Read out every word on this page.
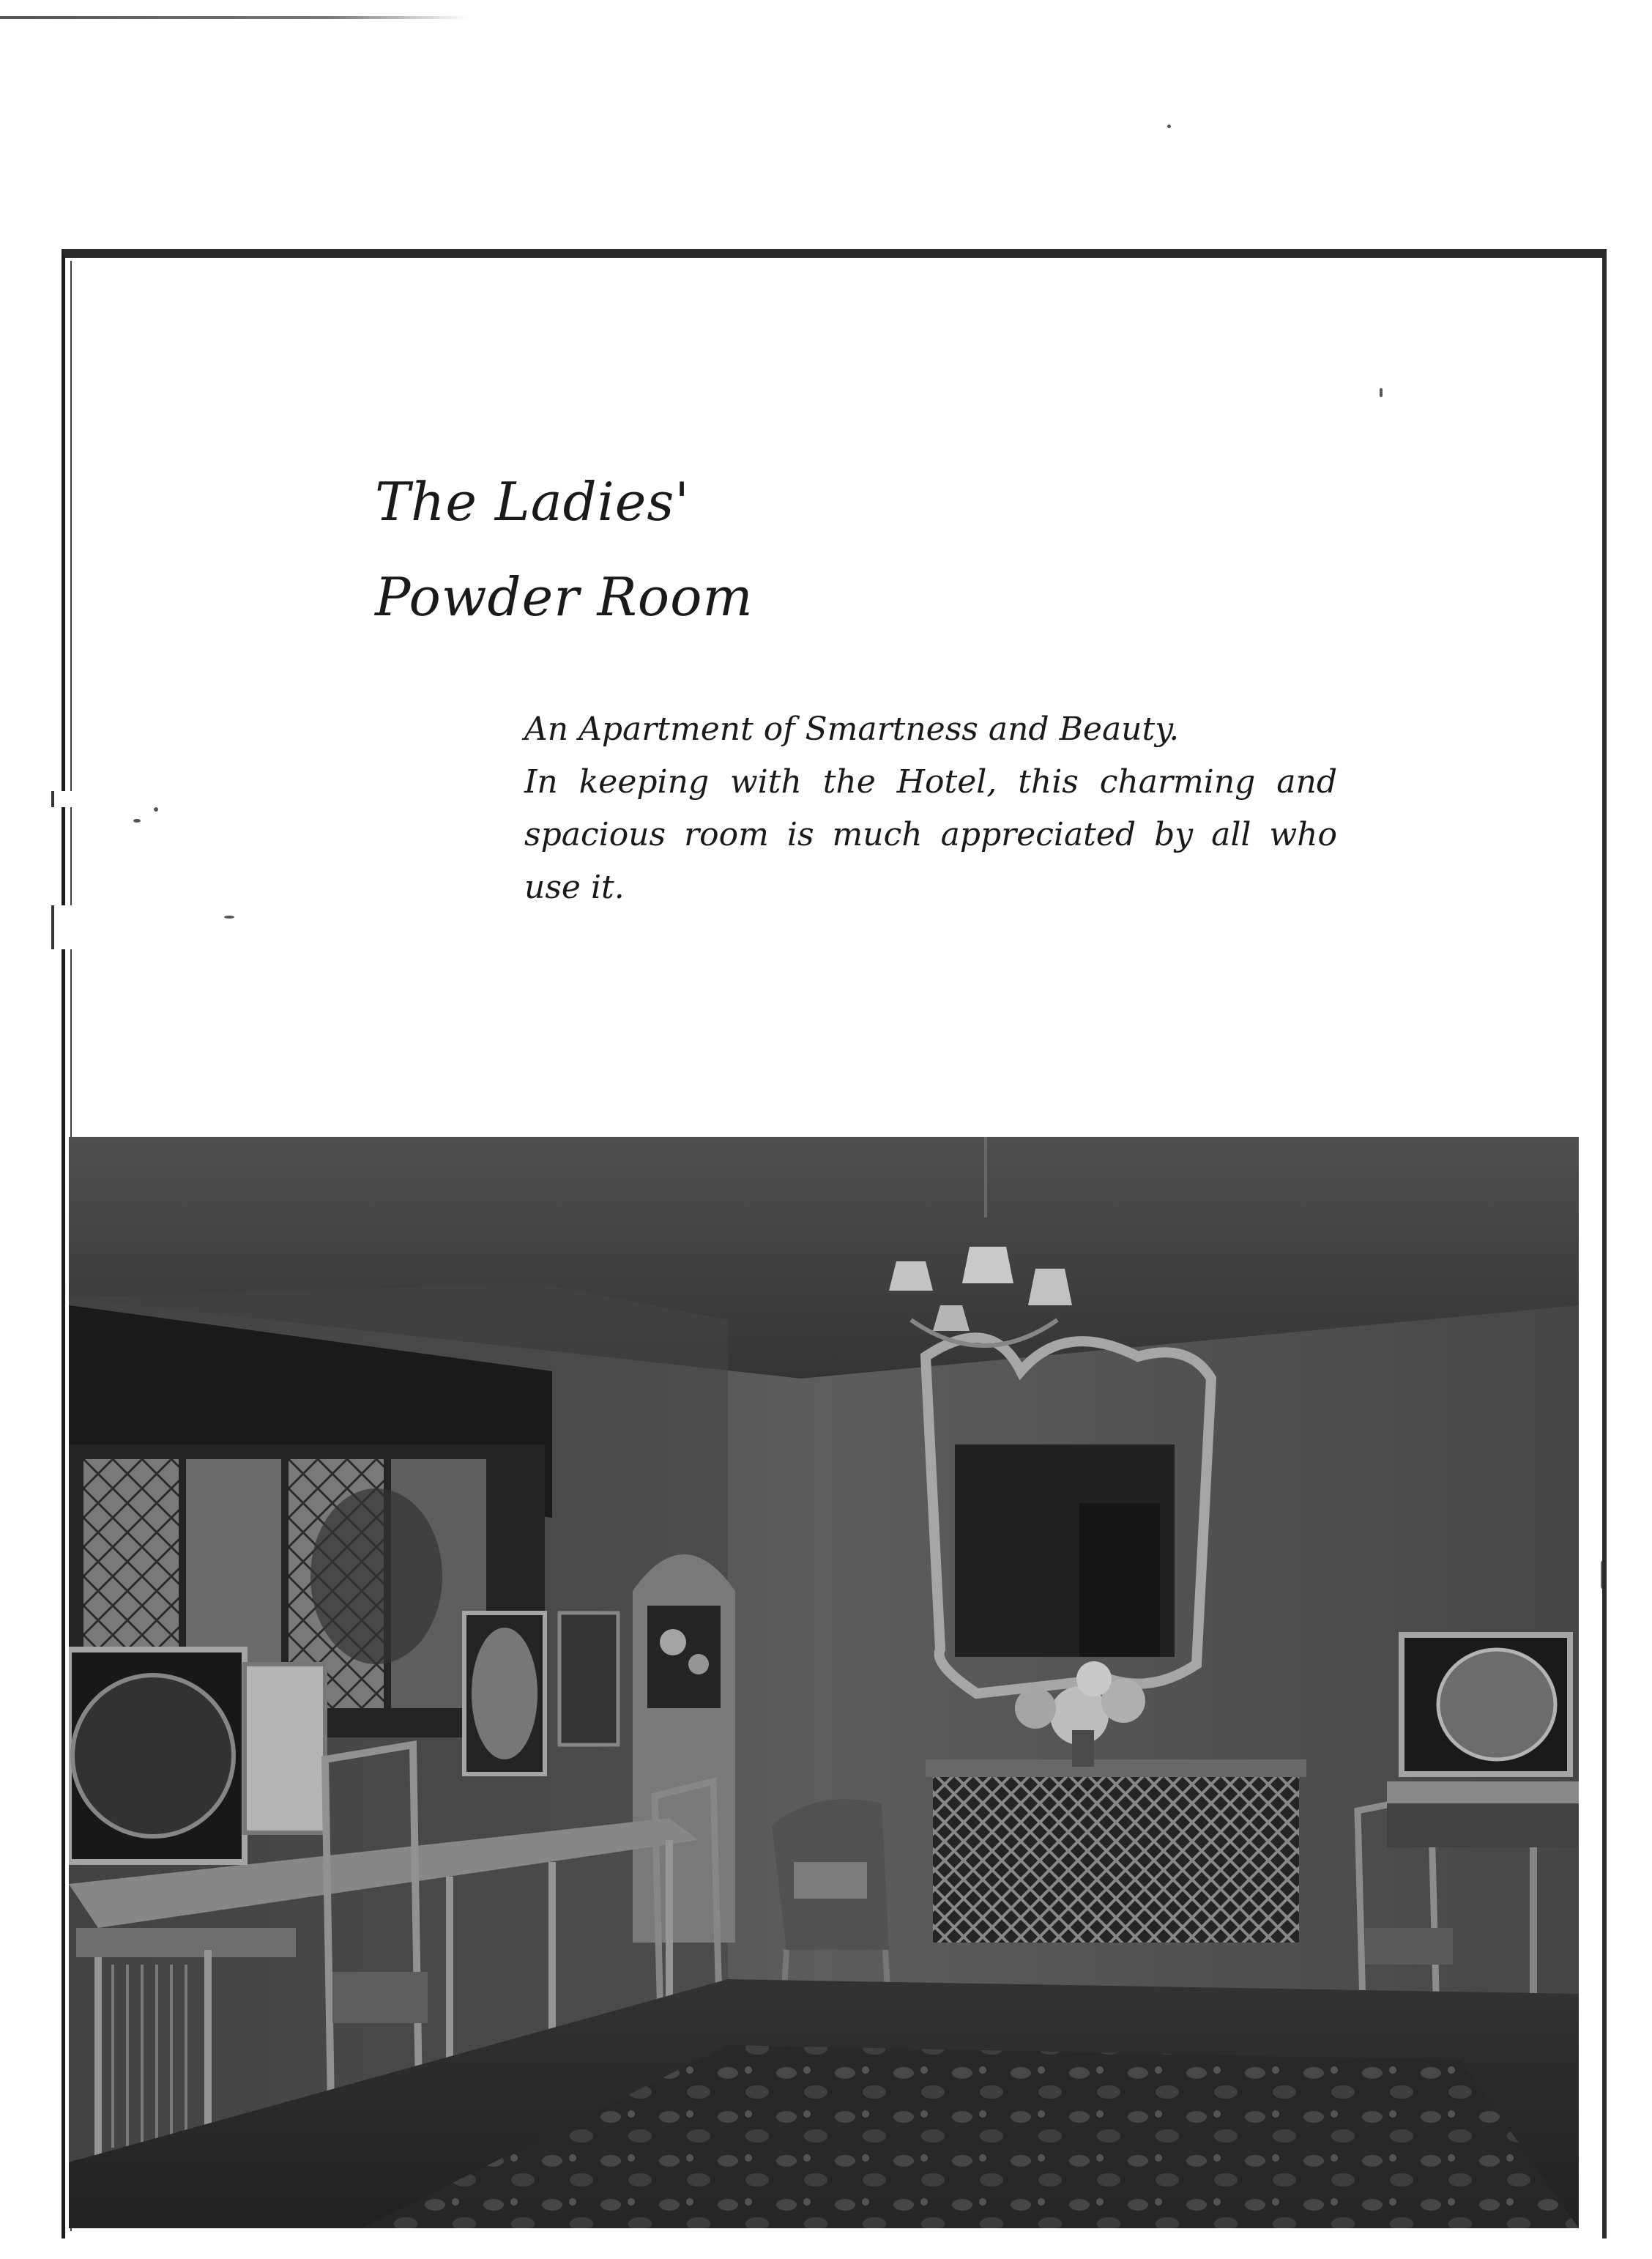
The Ladies'
Powder Room

An Apartment of Smartness and Beauty.

In keeping with the Hotel, this charming and spacious room is much appreciated by all who use it.
